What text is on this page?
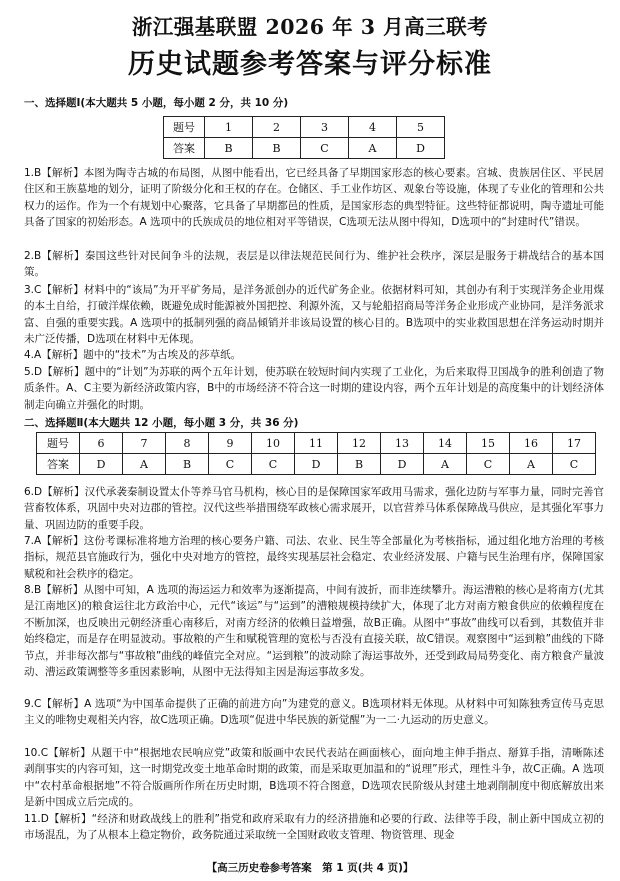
浙江强基联盟 2026 年 3 月高三联考
历史试题参考答案与评分标准
一、选择题Ⅰ(本大题共 5 小题，每小题 2 分，共 10 分)
题号	1	2	3	4	5
答案	B	B	C	A	D
二、选择题Ⅱ(本大题共 12 小题，每小题 3 分，共 36 分)
题号	6	7	8	9	10	11	12	13	14	15	16	17
答案	D	A	B	C	C	D	B	D	A	C	A	C
1.B【解析】本图为陶寺古城的布局图，从图中能看出，它已经具备了早期国家形态的核心要素。宫城、贵族居住区、平民居住区和王族墓地的划分，证明了阶级分化和王权的存在。仓储区、手工业作坊区、观象台等设施，体现了专业化的管理和公共权力的运作。作为一个有规划中心聚落，它具备了早期都邑的性质，是国家形态的典型特征。这些特征都说明，陶寺遗址可能具备了国家的初始形态。A 选项中的氏族成员的地位相对平等错误，C选项无法从图中得知，D选项中的“封建时代”错误。
2.B【解析】秦国这些针对民间争斗的法规，表层是以律法规范民间行为、维护社会秩序，深层是服务于耕战结合的基本国策。
3.C【解析】材料中的“该局”为开平矿务局，是洋务派创办的近代矿务企业。依据材料可知，其创办有利于实现洋务企业用煤的本土自给，打破洋煤依赖，既避免成时能源被外国把控、利源外流，又与轮船招商局等洋务企业形成产业协同，是洋务派求富、自强的重要实践。A 选项中的抵制列强的商品倾销并非该局设置的核心目的。B选项中的实业救国思想在洋务运动时期并未广泛传播，D选项在材料中无体现。
4.A【解析】题中的“技术”为古埃及的莎草纸。
5.D【解析】题中的“计划”为苏联的两个五年计划，使苏联在较短时间内实现了工业化，为后来取得卫国战争的胜利创造了物质条件。A、C主要为新经济政策内容，B中的市场经济不符合这一时期的建设内容，两个五年计划是的高度集中的计划经济体制走向确立并强化的时期。
6.D【解析】汉代承袭秦制设置太仆等养马官马机构，核心目的是保障国家军政用马需求，强化边防与军事力量，同时完善官营畜牧体系，巩固中央对边郡的管控。汉代这些举措围绕军政核心需求展开，以官营养马体系保障战马供应，是其强化军事力量、巩固边防的重要手段。
7.A【解析】这份考课标准将地方治理的核心要务户籍、司法、农业、民生等全部量化为考核指标，通过组化地方治理的考核指标，规范县官施政行为，强化中央对地方的管控，最终实现基层社会稳定、农业经济发展、户籍与民生治理有序，保障国家赋税和社会秩序的稳定。
8.B【解析】从图中可知，A 选项的海运运力和效率为逐渐提高，中间有波折，而非连续攀升。海运漕粮的核心是将南方(尤其是江南地区)的粮食运往北方政治中心，元代“该运”与“运到”的漕粮规模持续扩大，体现了北方对南方粮食供应的依赖程度在不断加深，也反映出元朝经济重心南移后，对南方经济的依赖日益增强，故B正确。从图中“事故”曲线可以看到，其数值并非始终稳定，而是存在明显波动。事故粮的产生和赋税管理的宽松与否没有直接关联，故C错误。观察图中“运到粮”曲线的下降节点，并非每次都与“事故粮”曲线的峰值完全对应。“运到粮”的波动除了海运事故外，还受到政局局势变化、南方粮食产量波动、漕运政策调整等多重因素影响，从图中无法得知主因是海运事故多发。
9.C【解析】A 选项“为中国革命提供了正确的前进方向”为建党的意义。B选项材料无体现。从材料中可知陈独秀宣传马克思主义的唯物史观相关内容，故C选项正确。D选项“促进中华民族的新觉醒”为一二·九运动的历史意义。
10.C【解析】从题干中“根据地农民响应党”政策和版画中农民代表站在画面核心，面向地主伸手指点、掰算手指，清晰陈述剥削事实的内容可知，这一时期党改变土地革命时期的政策，而是采取更加温和的“说理”形式，理性斗争，故C正确。A 选项中“农村革命根据地”不符合版画所作所在历史时期，B选项不符合图意，D选项农民阶级从封建土地剥削制度中彻底解放出来是新中国成立后完成的。
11.D【解析】“经济和财政战线上的胜利”指党和政府采取有力的经济措施和必要的行政、法律等手段，制止新中国成立初的市场混乱，为了从根本上稳定物价，政务院通过采取统一全国财政收支管理、物资管理、现金
【高三历史卷参考答案　第 1 页(共 4 页)】
